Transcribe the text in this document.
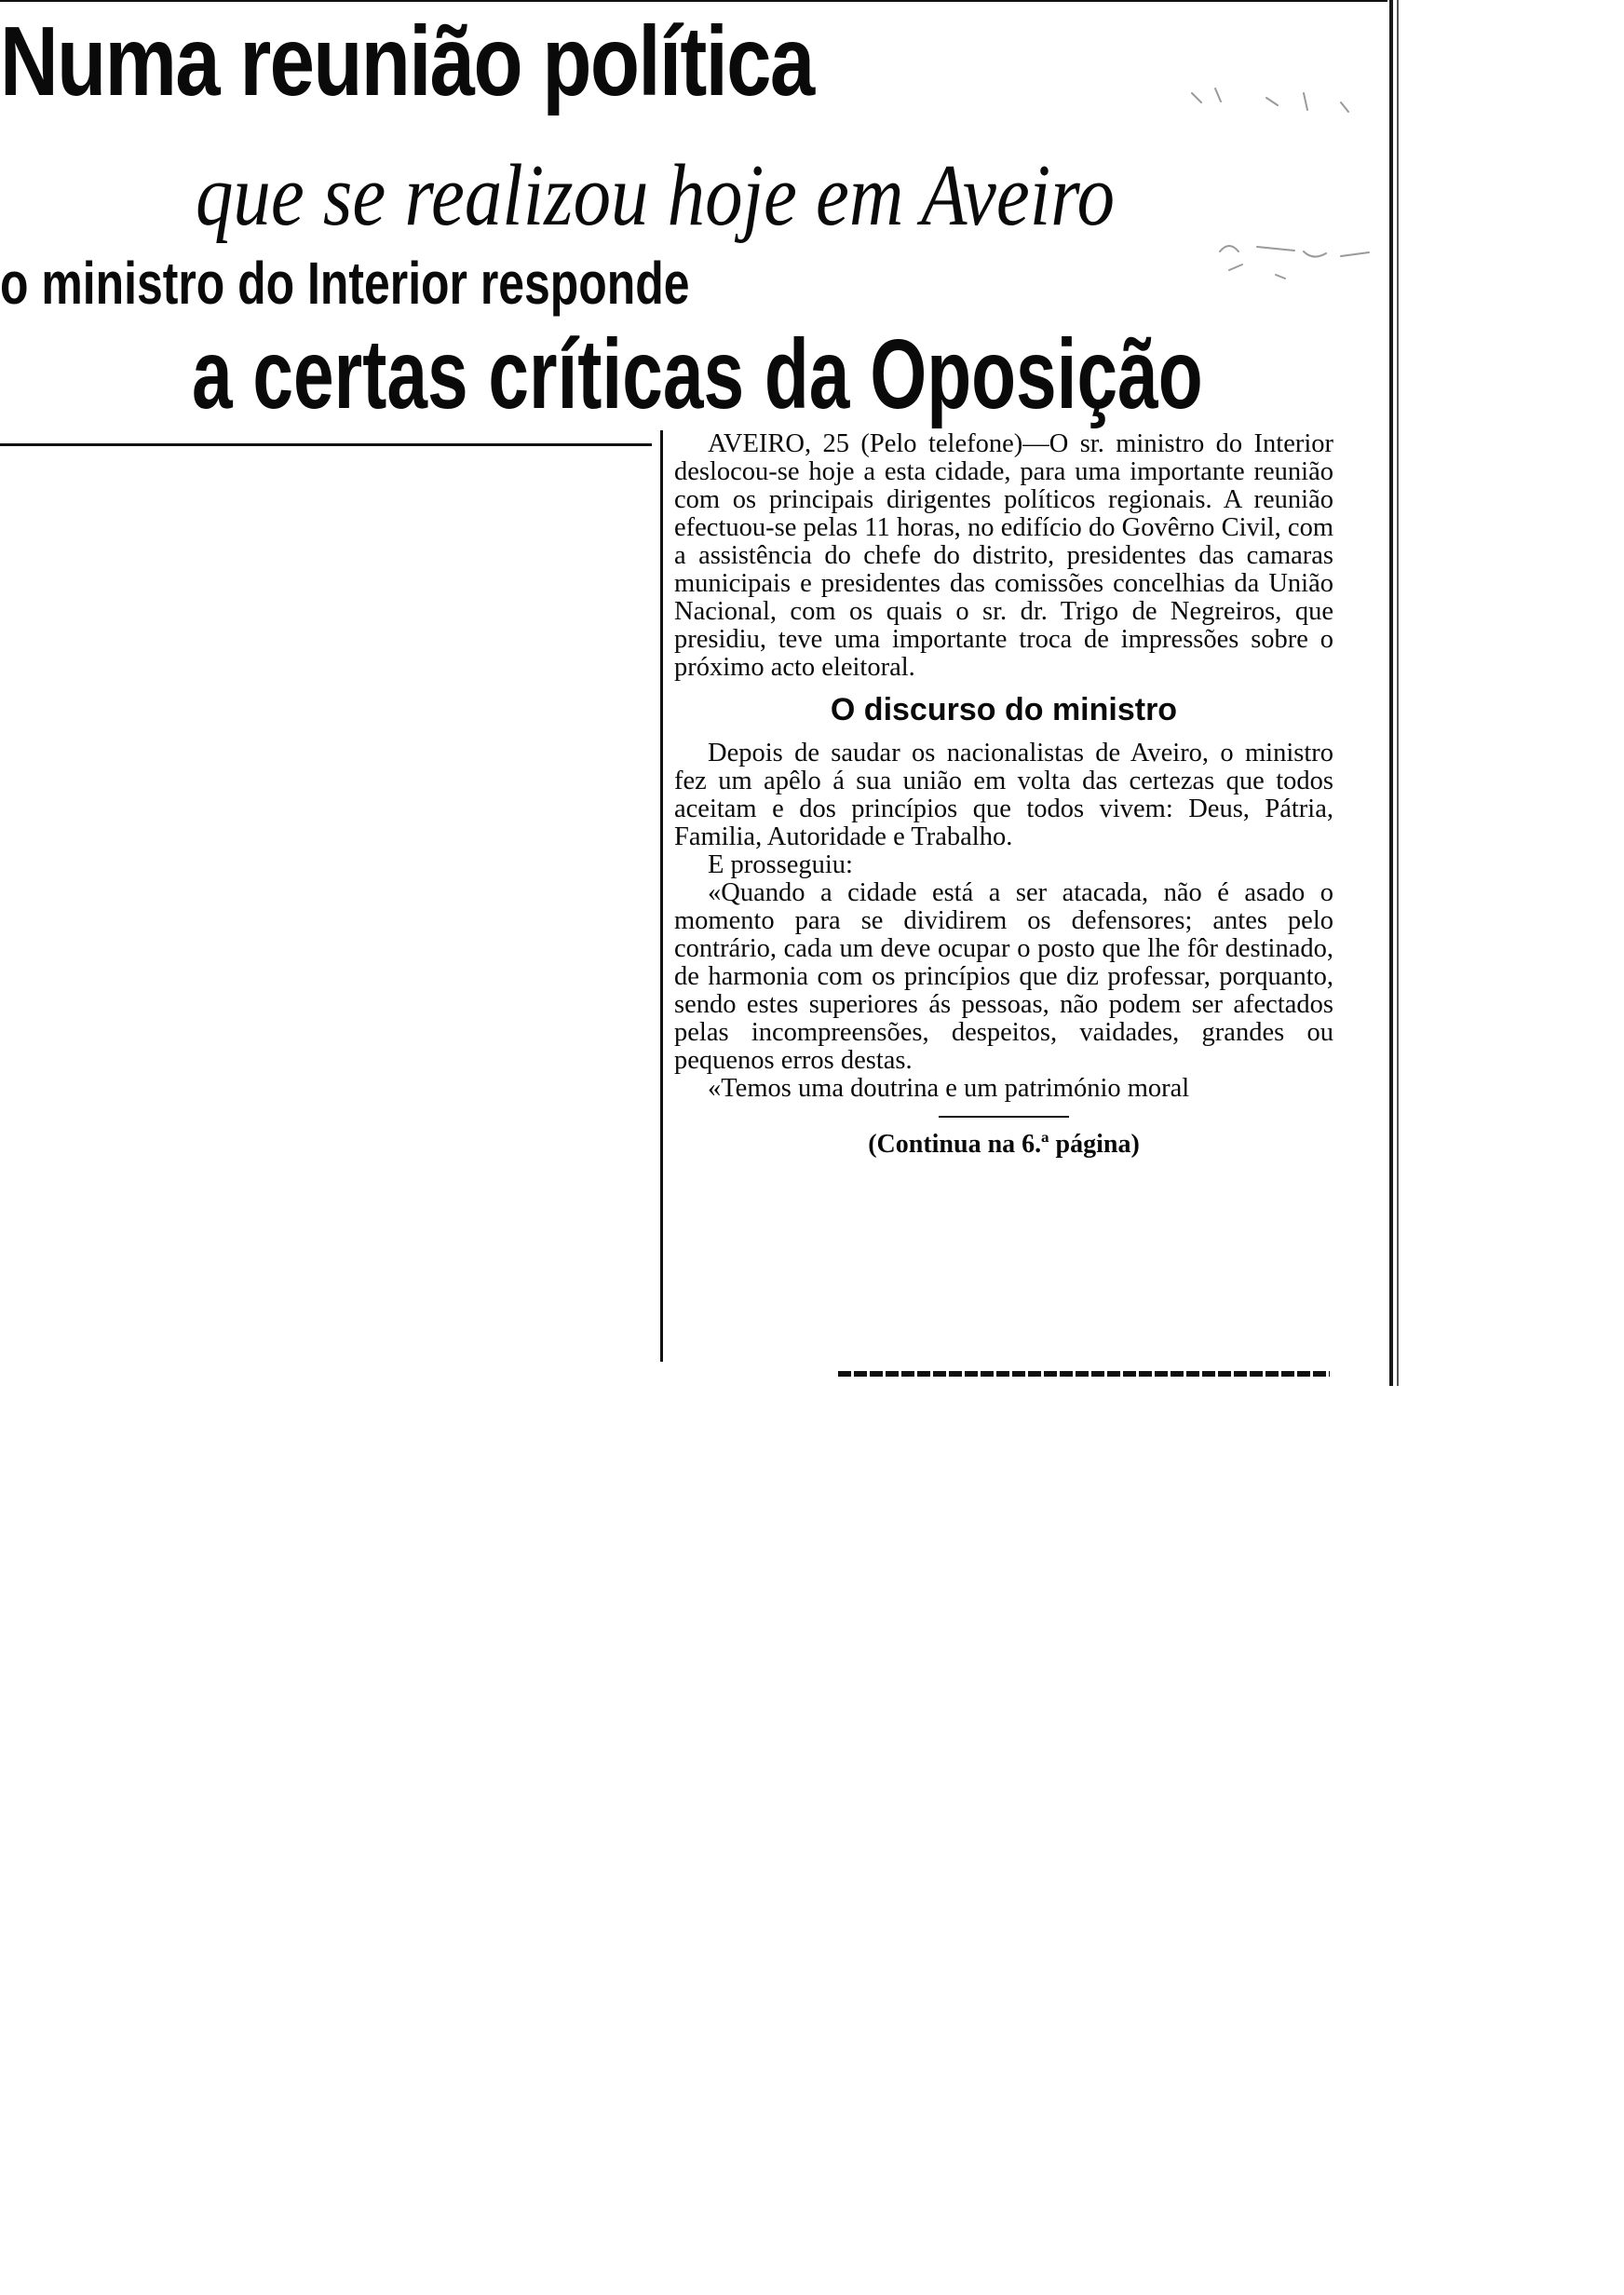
Numa reunião política
que se realizou hoje em Aveiro
o ministro do Interior responde
a certas críticas da Oposição

AVEIRO, 25 (Pelo telefone)—O sr. ministro do Interior deslocou-se hoje a esta cidade, para uma importante reunião com os principais dirigentes políticos regionais. A reunião efectuou-se pelas 11 horas, no edifício do Govêrno Civil, com a assistência do chefe do distrito, presidentes das camaras municipais e presidentes das comissões concelhias da União Nacional, com os quais o sr. dr. Trigo de Negreiros, que presidiu, teve uma importante troca de impressões sobre o próximo acto eleitoral.

O discurso do ministro

Depois de saudar os nacionalistas de Aveiro, o ministro fez um apêlo á sua união em volta das certezas que todos aceitam e dos princípios que todos vivem: Deus, Pátria, Familia, Autoridade e Trabalho.

E prosseguiu:

«Quando a cidade está a ser atacada, não é asado o momento para se dividirem os defensores; antes pelo contrário, cada um deve ocupar o posto que lhe fôr destinado, de harmonia com os princípios que diz professar, porquanto, sendo estes superiores ás pessoas, não podem ser afectados pelas incompreensões, despeitos, vaidades, grandes ou pequenos erros destas.

«Temos uma doutrina e um património moral

(Continua na 6.ª página)
